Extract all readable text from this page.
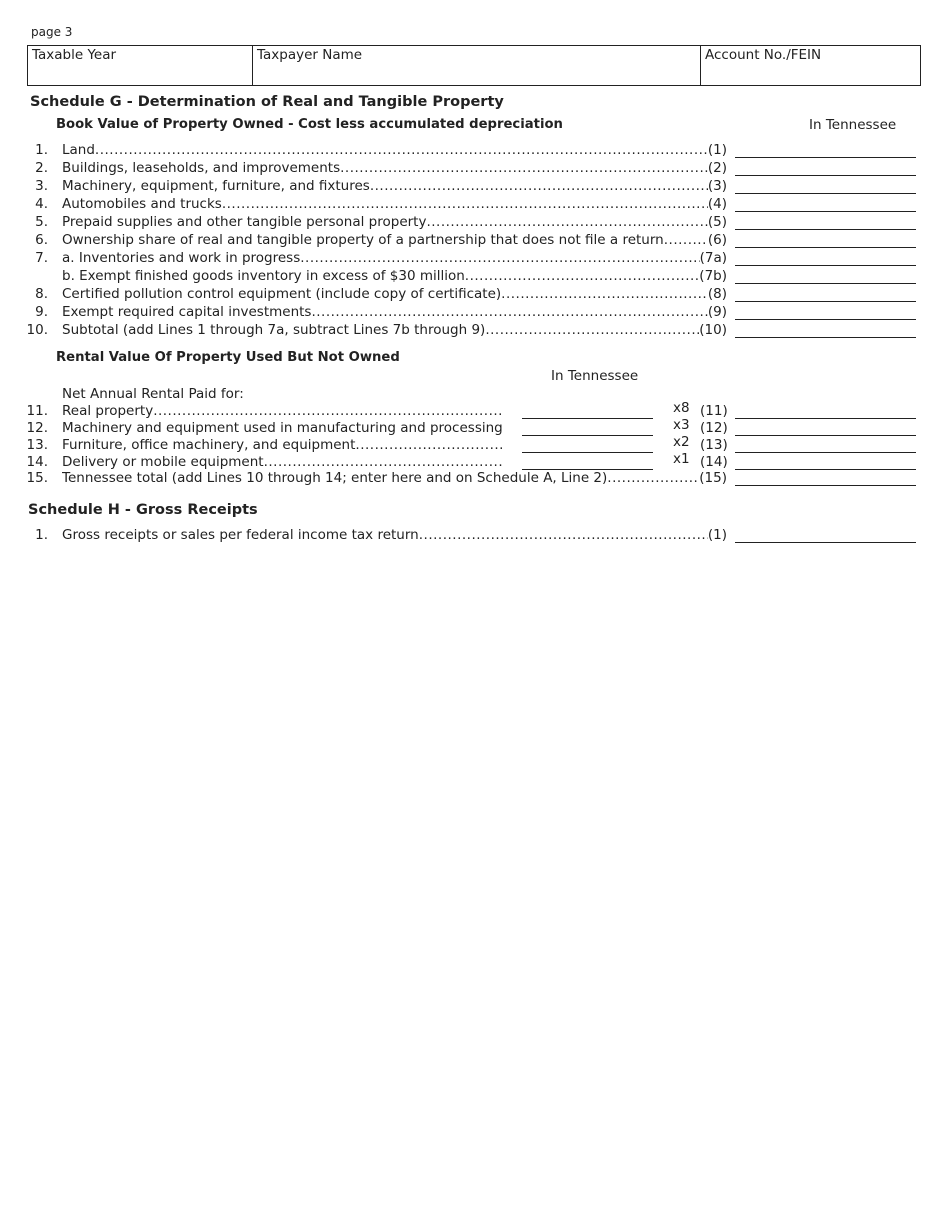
page 3
Taxable Year	Taxpayer Name	Account No./FEIN
Schedule G - Determination of Real and Tangible Property
Book Value of Property Owned - Cost less accumulated depreciation	In Tennessee
1. Land .....	(1)
2. Buildings, leaseholds, and improvements .....	(2)
3. Machinery, equipment, furniture, and fixtures .....	(3)
4. Automobiles and trucks .....	(4)
5. Prepaid supplies and other tangible personal property .....	(5)
6. Ownership share of real and tangible property of a partnership that does not file a return .....	(6)
7. a. Inventories and work in progress .....	(7a)
b. Exempt finished goods inventory in excess of $30 million .....	(7b)
8. Certified pollution control equipment (include copy of certificate) .....	(8)
9. Exempt required capital investments .....	(9)
10. Subtotal (add Lines 1 through 7a, subtract Lines 7b through 9) .....	(10)
Rental Value Of Property Used But Not Owned
In Tennessee
Net Annual Rental Paid for:
11. Real property .....	x8 (11)
12. Machinery and equipment used in manufacturing and processing .....	x3 (12)
13. Furniture, office machinery, and equipment .....	x2 (13)
14. Delivery or mobile equipment .....	x1 (14)
15. Tennessee total (add Lines 10 through 14; enter here and on Schedule A, Line 2) .....	(15)
Schedule H - Gross Receipts
1. Gross receipts or sales per federal income tax return .....	(1)
